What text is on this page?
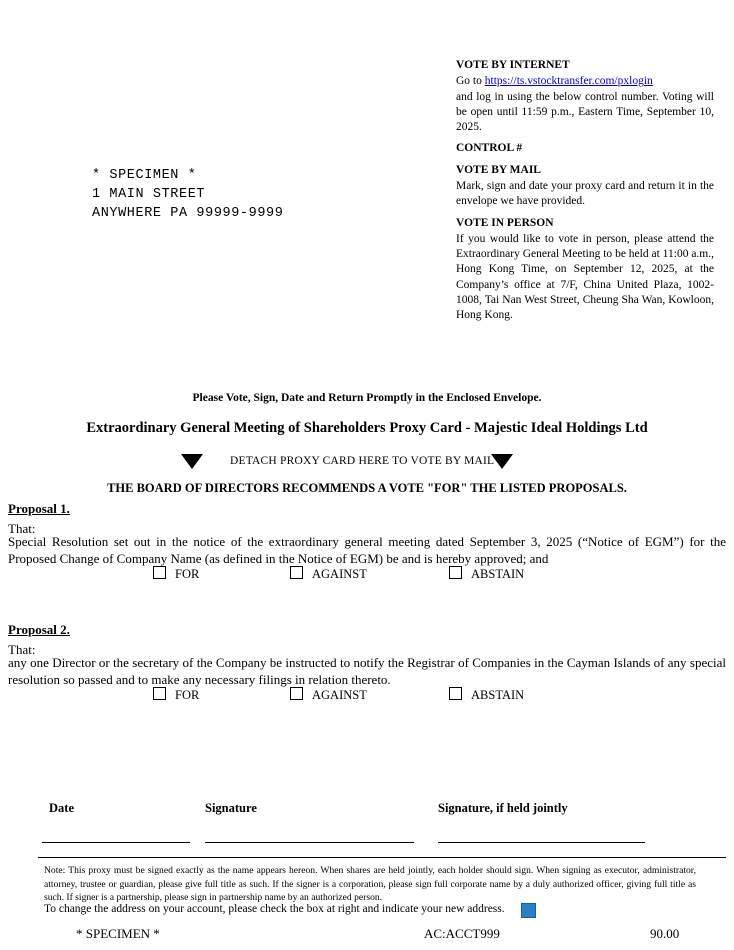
VOTE BY INTERNET
Go to https://ts.vstocktransfer.com/pxlogin

and log in using the below control number. Voting will be open until 11:59 p.m., Eastern Time, September 10, 2025.

CONTROL #
VOTE BY MAIL

Mark, sign and date your proxy card and return it in the envelope we have provided.

VOTE IN PERSON

If you would like to vote in person, please attend the Extraordinary General Meeting to be held at 11:00 a.m., Hong Kong Time, on September 12, 2025, at the Company’s office at 7/F, China United Plaza, 1002-1008, Tai Nan West Street, Cheung Sha Wan, Kowloon, Hong Kong.

* SPECIMEN *
1 MAIN STREET
ANYWHERE PA 99999-9999
Please Vote, Sign, Date and Return Promptly in the Enclosed Envelope.
Extraordinary General Meeting of Shareholders Proxy Card - Majestic Ideal Holdings Ltd
DETACH PROXY CARD HERE TO VOTE BY MAIL
THE BOARD OF DIRECTORS RECOMMENDS A VOTE "FOR" THE LISTED PROPOSALS.
Proposal 1.
That:
Special Resolution set out in the notice of the extraordinary general meeting dated September 3, 2025 (“Notice of EGM”) for the Proposed Change of Company Name (as defined in the Notice of EGM) be and is hereby approved; and
FOR	AGAINST	ABSTAIN
Proposal 2.
That:
any one Director or the secretary of the Company be instructed to notify the Registrar of Companies in the Cayman Islands of any special resolution so passed and to make any necessary filings in relation thereto.
FOR	AGAINST	ABSTAIN
Date	Signature	Signature, if held jointly
Note: This proxy must be signed exactly as the name appears hereon. When shares are held jointly, each holder should sign. When signing as executor, administrator, attorney, trustee or guardian, please give full title as such. If the signer is a corporation, please sign full corporate name by a duly authorized officer, giving full title as such. If signer is a partnership, please sign in partnership name by an authorized person.
To change the address on your account, please check the box at right and indicate your new address.
* SPECIMEN *	AC:ACCT999	90.00
